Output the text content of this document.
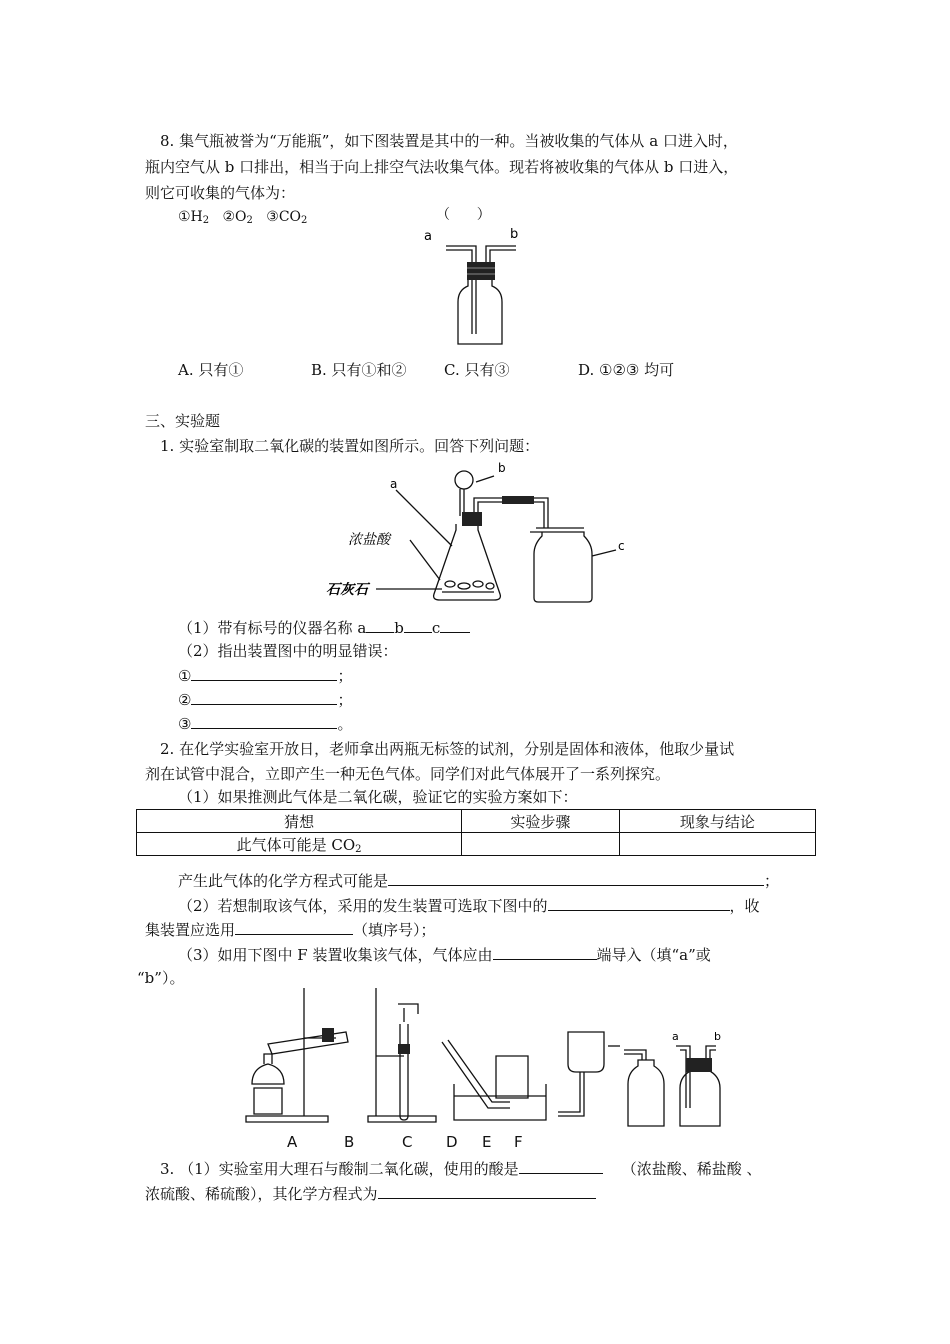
8. 集气瓶被誉为“万能瓶”，如下图装置是其中的一种。当被收集的气体从 a 口进入时，
瓶内空气从 b 口排出，相当于向上排空气法收集气体。现若将被收集的气体从 b 口进入，
则它可收集的气体为：
$①H_2$ $②O_2$ $③CO_2$	（      ）
a	b
A. 只有①	B. 只有①和② C. 只有③	D. ①②③ 均可
三、实验题
1. 实验室制取二氧化碳的装置如图所示。回答下列问题：
a
b
c
浓盐酸
石灰石
（1）带有标号的仪器名称 a b c
（2）指出装置图中的明显错误：
①	；
②	；
③	。
2. 在化学实验室开放日，老师拿出两瓶无标签的试剂，分别是固体和液体，他取少量试
剂在试管中混合，立即产生一种无色气体。同学们对此气体展开了一系列探究。
（1）如果推测此气体是二氧化碳，验证它的实验方案如下：
猜想	实验步骤	现象与结论
此气体可能是 $CO_2$		
产生此气体的化学方程式可能是	；
（2）若想制取该气体，采用的发生装置可选取下图中的	，收
集装置应选用	（填序号）；
（3）如用下图中 F 装置收集该气体，气体应由	端导入（填“a”或
“b”）。
a	b
A	B	C D E F
3. （1）实验室用大理石与酸制二氧化碳，使用的酸是	（浓盐酸、稀盐酸 、
浓硫酸、稀硫酸），其化学方程式为
